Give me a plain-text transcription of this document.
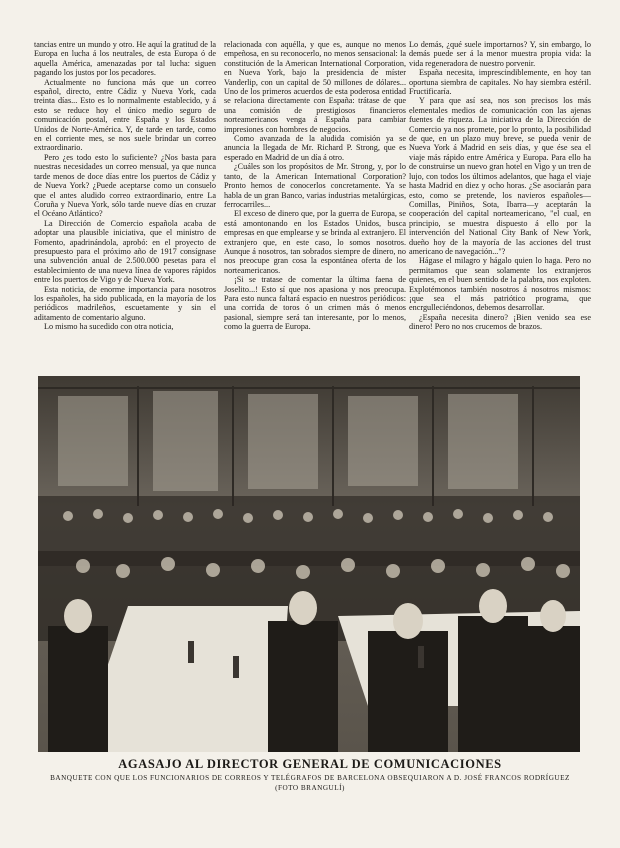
tancias entre un mundo y otro. He aquí la gratitud de la Europa en lucha á los neutrales, de esta Europa ó de aquella América, amenazadas por tal lucha: siguen pagando los justos por los pecadores.

Actualmente no funciona más que un correo español, directo, entre Cádiz y Nueva York, cada treinta días... Esto es lo normalmente establecido, y á esto se reduce hoy el único medio seguro de comunicación postal, entre España y los Estados Unidos de Norte-América. Y, de tarde en tarde, como en el corriente mes, se nos suele brindar un correo extraordinario.

Pero ¿es todo esto lo suficiente? ¿Nos basta para nuestras necesidades un correo mensual, ya que nunca tarde menos de doce días entre los puertos de Cádiz y de Nueva York? ¿Puede aceptarse como un consuelo que el antes aludido correo extraordinario, entre La Coruña y Nueva York, sólo tarde nueve días en cruzar el Océano Atlántico?

La Dirección de Comercio española acaba de adoptar una plausible iniciativa, que el ministro de Fomento, apadrinándola, aprobó: en el proyecto de presupuesto para el próximo año de 1917 consígnase una subvención anual de 2.500.000 pesetas para el establecimiento de una nueva línea de vapores rápidos entre los puertos de Vigo y de Nueva York.

Esta noticia, de enorme importancia para nosotros los españoles, ha sido publicada, en la mayoría de los periódicos madrileños, escuetamente y sin el aditamento de comentario alguno.

Lo mismo ha sucedido con otra noticia,

relacionada con aquélla, y que es, aunque no menos empeñosa, en su reconocerlo, no menos sensacional: la constitución de la American International Corporation, en Nueva York, bajo la presidencia de míster Vanderlip, con un capital de 50 millones de dólares... Uno de los primeros acuerdos de esta poderosa entidad se relaciona directamente con España: trátase de que una comisión de prestigiosos financieros norteamericanos venga á España para cambiar impresiones con hombres de negocios.

Como avanzada de la aludida comisión ya se anuncia la llegada de Mr. Richard P. Strong, que es esperado en Madrid de un día á otro.

¿Cuáles son los propósitos de Mr. Strong, y, por lo tanto, de la American International Corporation? Pronto hemos de conocerlos concretamente. Ya se habla de un gran Banco, varias industrias metalúrgicas, ferrocarriles...

El exceso de dinero que, por la guerra de Europa, se está amontonando en los Estados Unidos, busca empresas en que emplearse y se brinda al extranjero. El extranjero que, en este caso, lo somos nosotros. Aunque á nosotros, tan sobrados siempre de dinero, no nos preocupe gran cosa la espontánea oferta de los norteamericanos.

¡Si se tratase de comentar la última faena de Joselito...! Esto sí que nos apasiona y nos preocupa. Para esto nunca faltará espacio en nuestros periódicos: una corrida de toros ó un crimen más ó menos pasional, siempre será tan interesante, por lo menos, como la guerra de Europa.

Lo demás, ¿qué suele importarnos? Y, sin embargo, lo demás puede ser á la menor muestra propia vida: la vida regeneradora de nuestro porvenir.

España necesita, imprescindiblemente, en hoy tan oportuna siembra de capitales. No hay siembra estéril. Fructificaría.

Y para que así sea, nos son precisos los más elementales medios de comunicación con las ajenas fuentes de riqueza. La iniciativa de la Dirección de Comercio ya nos promete, por lo pronto, la posibilidad de que, en un plazo muy breve, se pueda venir de Nueva York á Madrid en seis días, y que ése sea el viaje más rápido entre América y Europa. Para ello ha de construirse un nuevo gran hotel en Vigo y un tren de lujo, con todos los últimos adelantos, que haga el viaje hasta Madrid en diez y ocho horas. ¿Se asociarán para esto, como se pretende, los navieros españoles—Comillas, Piniños, Sota, Ibarra—y aceptarán la cooperación del capital norteamericano, "el cual, en principio, se muestra dispuesto á ello por la intervención del National City Bank of New York, dueño hoy de la mayoría de las acciones del trust americano de navegación..."?

Hágase el milagro y hágalo quien lo haga. Pero no permitamos que sean solamente los extranjeros quienes, en el buen sentido de la palabra, nos exploten. Explotémonos también nosotros á nosotros mismos: ¡que sea el más patriótico programa, que encrgulleciéndonos, debemos desarrollar.

¿España necesita dinero? ¡Bien venido sea ese dinero! Pero no nos crucemos de brazos.

AGASAJO AL DIRECTOR GENERAL DE COMUNICACIONES
BANQUETE CON QUE LOS FUNCIONARIOS DE CORREOS Y TELÉGRAFOS DE BARCELONA OBSEQUIARON A D. JOSÉ FRANCOS RODRÍGUEZ
(FOTO BRANGULÍ)
